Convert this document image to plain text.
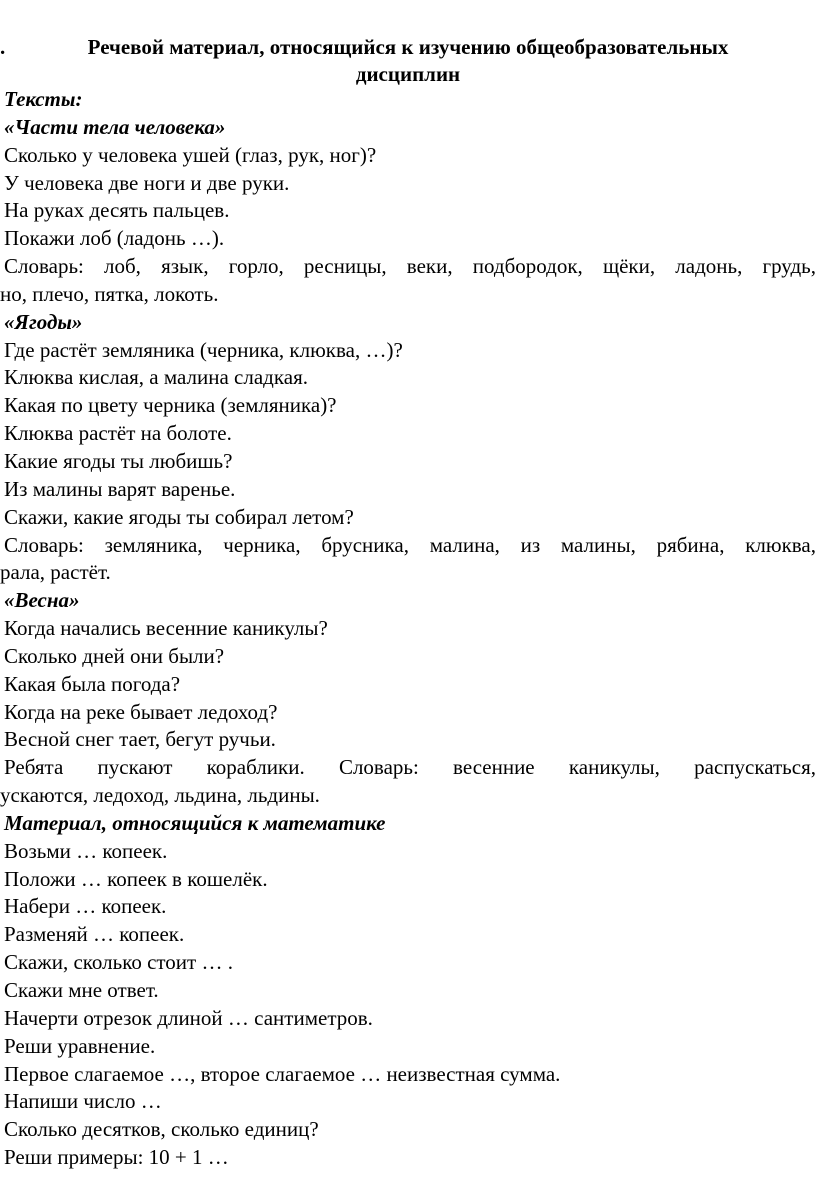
.	Речевой материал, относящийся к изучению общеобразовательных
дисциплин
Тексты:
«Части тела человека»
Сколько у человека ушей (глаз, рук, ног)?
У человека две ноги и две руки.
На руках десять пальцев.
Покажи лоб (ладонь …).
Словарь: лоб, язык, горло, ресницы, веки, подбородок, щёки, ладонь, грудь,
но, плечо, пятка, локоть.
«Ягоды»
Где растёт земляника (черника, клюква, …)?
Клюква кислая, а малина сладкая.
Какая по цвету черника (земляника)?
Клюква растёт на болоте.
Какие ягоды ты любишь?
Из малины варят варенье.
Скажи, какие ягоды ты собирал летом?
Словарь: земляника, черника, брусника, малина, из малины, рябина, клюква,
рала, растёт.
«Весна»
Когда начались весенние каникулы?
Сколько дней они были?
Какая была погода?
Когда на реке бывает ледоход?
Весной снег тает, бегут ручьи.
Ребята пускают кораблики. Словарь: весенние каникулы, распускаться,
ускаются, ледоход, льдина, льдины.
Материал, относящийся к математике
Возьми … копеек.
Положи … копеек в кошелёк.
Набери … копеек.
Разменяй … копеек.
Скажи, сколько стоит … .
Скажи мне ответ.
Начерти отрезок длиной … сантиметров.
Реши уравнение.
Первое слагаемое …, второе слагаемое … неизвестная сумма.
Напиши число …
Сколько десятков, сколько единиц?
Реши примеры: 10 + 1 …
